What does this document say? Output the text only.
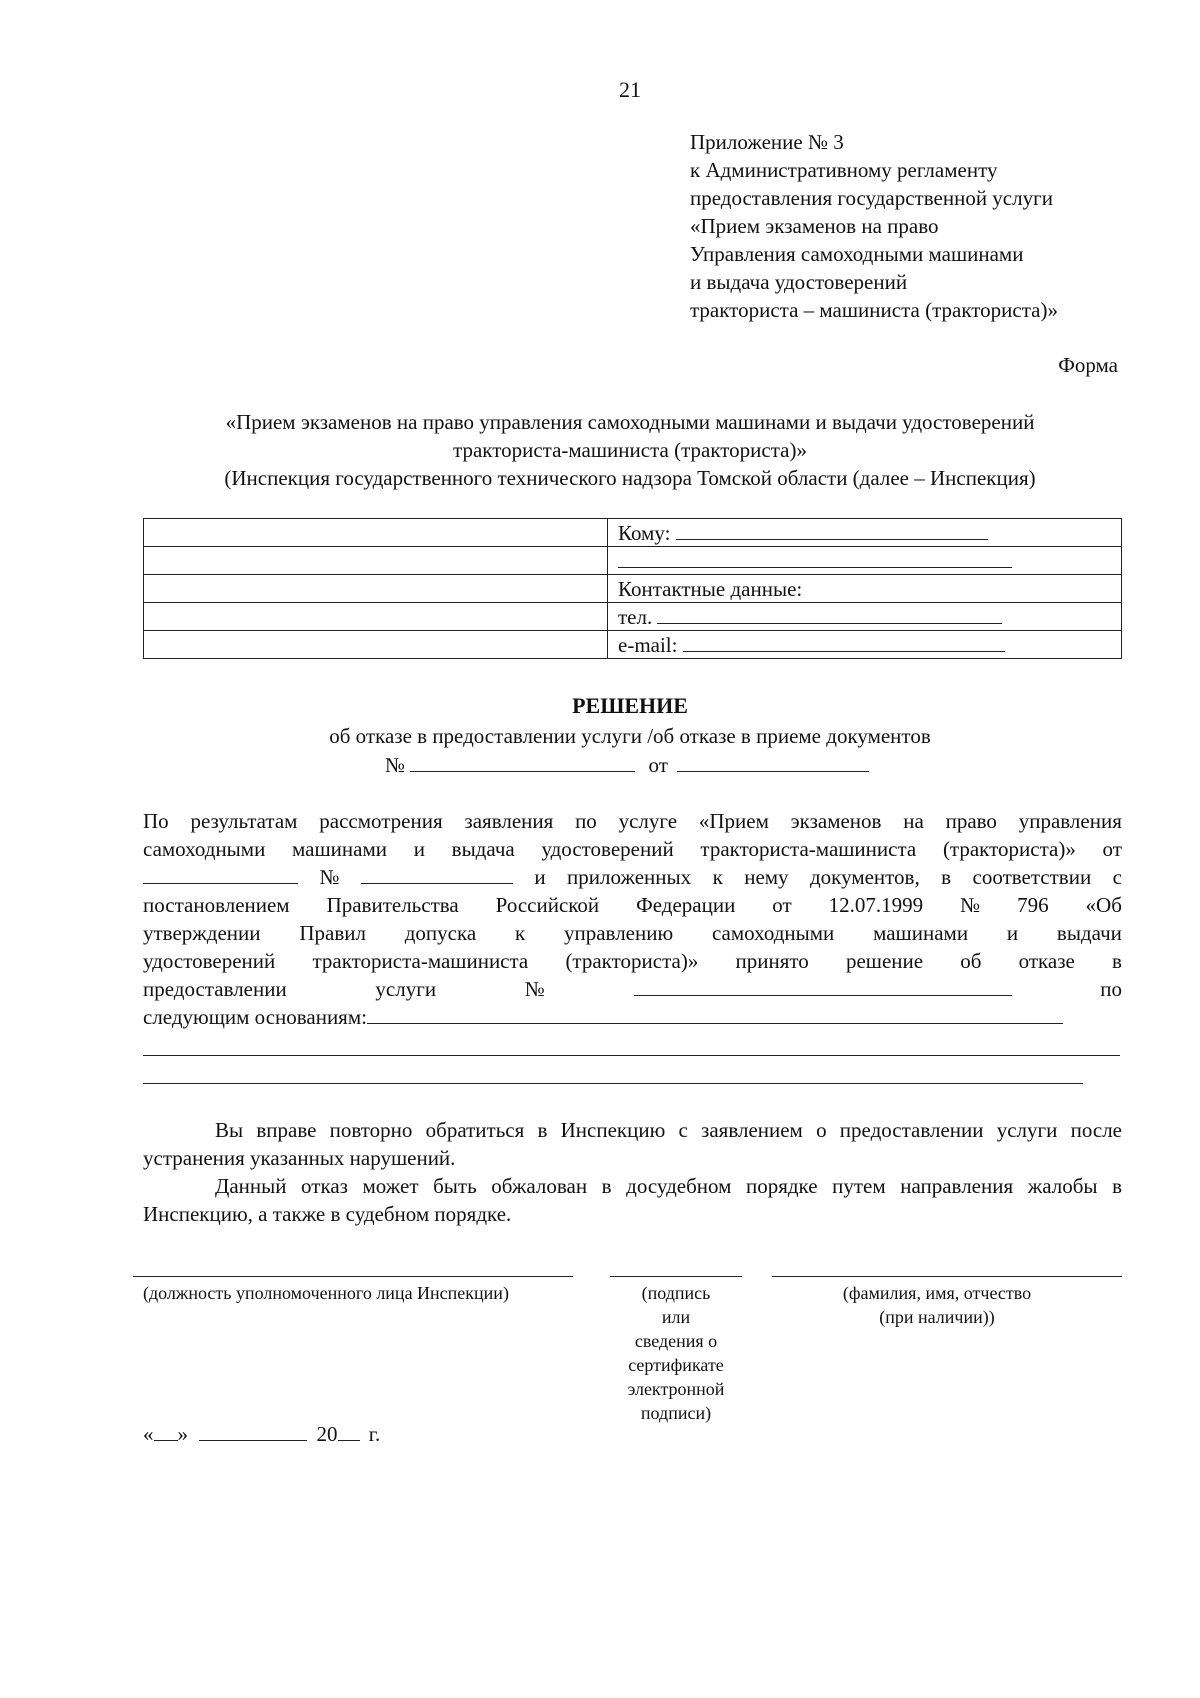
21
Приложение № 3
к Административному регламенту
предоставления государственной услуги
«Прием экзаменов на право
Управления самоходными машинами
и выдача удостоверений
тракториста – машиниста (тракториста)»
Форма
«Прием экзаменов на право управления самоходными машинами и выдачи удостоверений
тракториста-машиниста (тракториста)»
(Инспекция государственного технического надзора Томской области (далее – Инспекция)
	Кому:

	Контактные данные:
	тел.
	e-mail:
РЕШЕНИЕ
об отказе в предоставлении услуги /об отказе в приеме документов
№	от
По результатам рассмотрения заявления по услуге «Прием экзаменов на право управления
самоходными машинами и выдача удостоверений тракториста-машиниста (тракториста)» от
№	и приложенных к нему документов, в соответствии с
постановлением Правительства Российской Федерации от 12.07.1999 № 796 «Об
утверждении Правил допуска к управлению самоходными машинами и выдачи
удостоверений тракториста-машиниста (тракториста)» принято решение об отказе в
предоставлении	услуги	№	по
следующим основаниям:
Вы вправе повторно обратиться в Инспекцию с заявлением о предоставлении услуги после устранения указанных нарушений.
Данный отказ может быть обжалован в досудебном порядке путем направления жалобы в Инспекцию, а также в судебном порядке.
(должность уполномоченного лица Инспекции)	(подпись
или
сведения о
сертификате
электронной
подписи)
(фамилия, имя, отчество
(при наличии))
« »	20 г.
